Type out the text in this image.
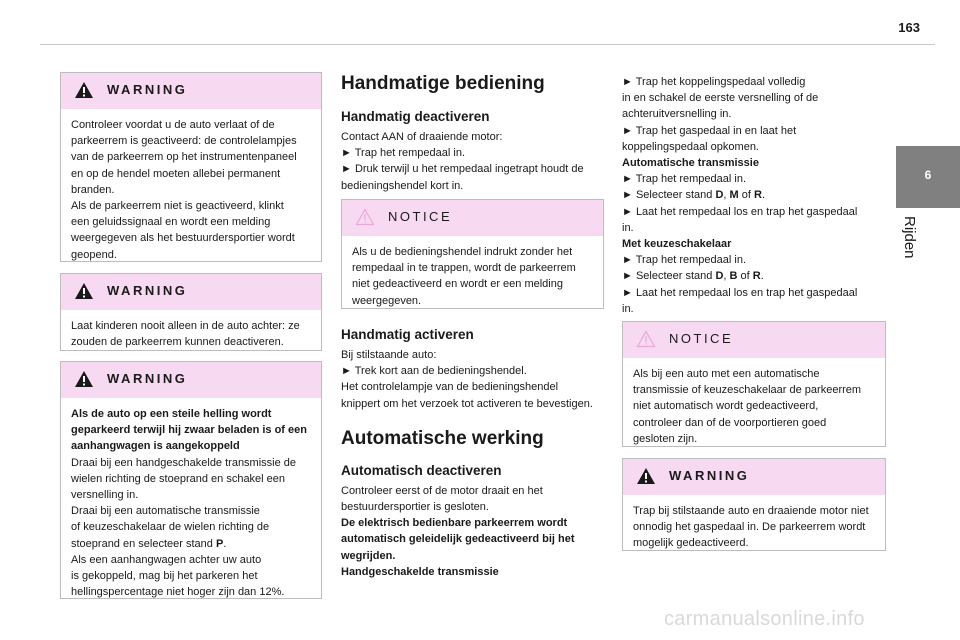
163
6
Rijden
WARNING
Controleer voordat u de auto verlaat of de
parkeerrem is geactiveerd: de controlelampjes
van de parkeerrem op het instrumentenpaneel
en op de hendel moeten allebei permanent
branden.
Als de parkeerrem niet is geactiveerd, klinkt
een geluidssignaal en wordt een melding
weergegeven als het bestuurdersportier wordt
geopend.
WARNING
Laat kinderen nooit alleen in de auto achter: ze
zouden de parkeerrem kunnen deactiveren.
WARNING
Als de auto op een steile helling wordt
geparkeerd terwijl hij zwaar beladen is of een
aanhangwagen is aangekoppeld
Draai bij een handgeschakelde transmissie de
wielen richting de stoeprand en schakel een
versnelling in.
Draai bij een automatische transmissie
of keuzeschakelaar de wielen richting de
stoeprand en selecteer stand P.
Als een aanhangwagen achter uw auto
is gekoppeld, mag bij het parkeren het
hellingspercentage niet hoger zijn dan 12%.
Handmatige bediening
Handmatig deactiveren
Contact AAN of draaiende motor:
► Trap het rempedaal in.
► Druk terwijl u het rempedaal ingetrapt houdt de
bedieningshendel kort in.
NOTICE
Als u de bedieningshendel indrukt zonder het
rempedaal in te trappen, wordt de parkeerrem
niet gedeactiveerd en wordt er een melding
weergegeven.
Handmatig activeren
Bij stilstaande auto:
► Trek kort aan de bedieningshendel.
Het controlelampje van de bedieningshendel
knippert om het verzoek tot activeren te bevestigen.
Automatische werking
Automatisch deactiveren
Controleer eerst of de motor draait en het
bestuurdersportier is gesloten.
De elektrisch bedienbare parkeerrem wordt
automatisch geleidelijk gedeactiveerd bij het
wegrijden.
Handgeschakelde transmissie
► Trap het koppelingspedaal volledig
in en schakel de eerste versnelling of de
achteruitversnelling in.
► Trap het gaspedaal in en laat het
koppelingspedaal opkomen.
Automatische transmissie
► Trap het rempedaal in.
► Selecteer stand D, M of R.
► Laat het rempedaal los en trap het gaspedaal
in.
Met keuzeschakelaar
► Trap het rempedaal in.
► Selecteer stand D, B of R.
► Laat het rempedaal los en trap het gaspedaal
in.
NOTICE
Als bij een auto met een automatische
transmissie of keuzeschakelaar de parkeerrem
niet automatisch wordt gedeactiveerd,
controleer dan of de voorportieren goed
gesloten zijn.
WARNING
Trap bij stilstaande auto en draaiende motor niet
onnodig het gaspedaal in. De parkeerrem wordt
mogelijk gedeactiveerd.
carmanualsonline.info
